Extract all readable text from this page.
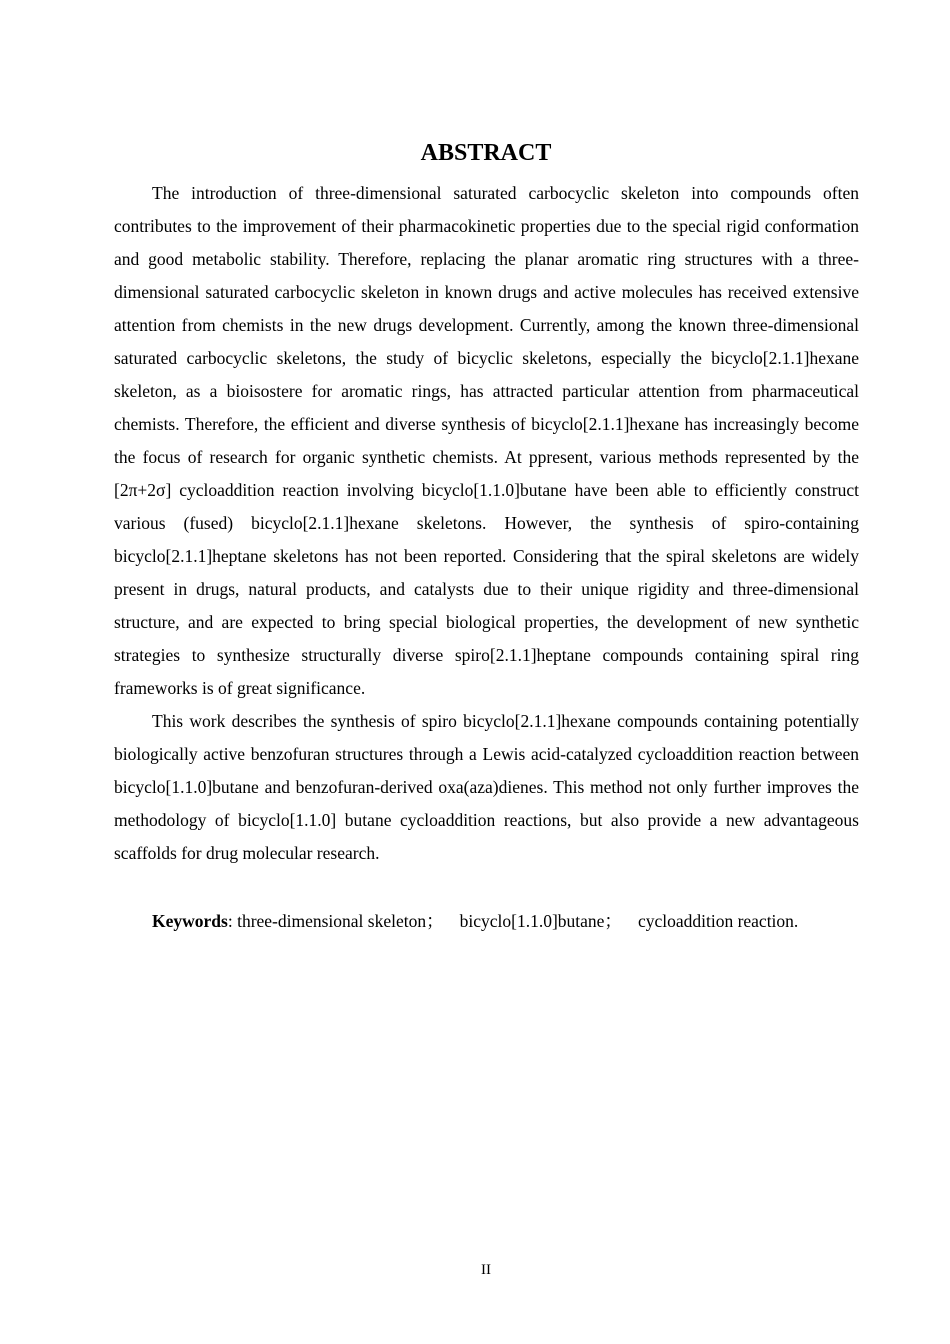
ABSTRACT

The introduction of three-dimensional saturated carbocyclic skeleton into compounds often contributes to the improvement of their pharmacokinetic properties due to the special rigid conformation and good metabolic stability. Therefore, replacing the planar aromatic ring structures with a three-dimensional saturated carbocyclic skeleton in known drugs and active molecules has received extensive attention from chemists in the new drugs development. Currently, among the known three-dimensional saturated carbocyclic skeletons, the study of bicyclic skeletons, especially the bicyclo[2.1.1]hexane skeleton, as a bioisostere for aromatic rings, has attracted particular attention from pharmaceutical chemists. Therefore, the efficient and diverse synthesis of bicyclo[2.1.1]hexane has increasingly become the focus of research for organic synthetic chemists. At ppresent, various methods represented by the [2π+2σ] cycloaddition reaction involving bicyclo[1.1.0]butane have been able to efficiently construct various (fused) bicyclo[2.1.1]hexane skeletons. However, the synthesis of spiro-containing bicyclo[2.1.1]heptane skeletons has not been reported. Considering that the spiral skeletons are widely present in drugs, natural products, and catalysts due to their unique rigidity and three-dimensional structure, and are expected to bring special biological properties, the development of new synthetic strategies to synthesize structurally diverse spiro[2.1.1]heptane compounds containing spiral ring frameworks is of great significance.

This work describes the synthesis of spiro bicyclo[2.1.1]hexane compounds containing potentially biologically active benzofuran structures through a Lewis acid-catalyzed cycloaddition reaction between bicyclo[1.1.0]butane and benzofuran-derived oxa(aza)dienes. This method not only further improves the methodology of bicyclo[1.1.0] butane cycloaddition reactions, but also provide a new advantageous scaffolds for drug molecular research.

Keywords: three-dimensional skeleton； bicyclo[1.1.0]butane； cycloaddition reaction.

II
